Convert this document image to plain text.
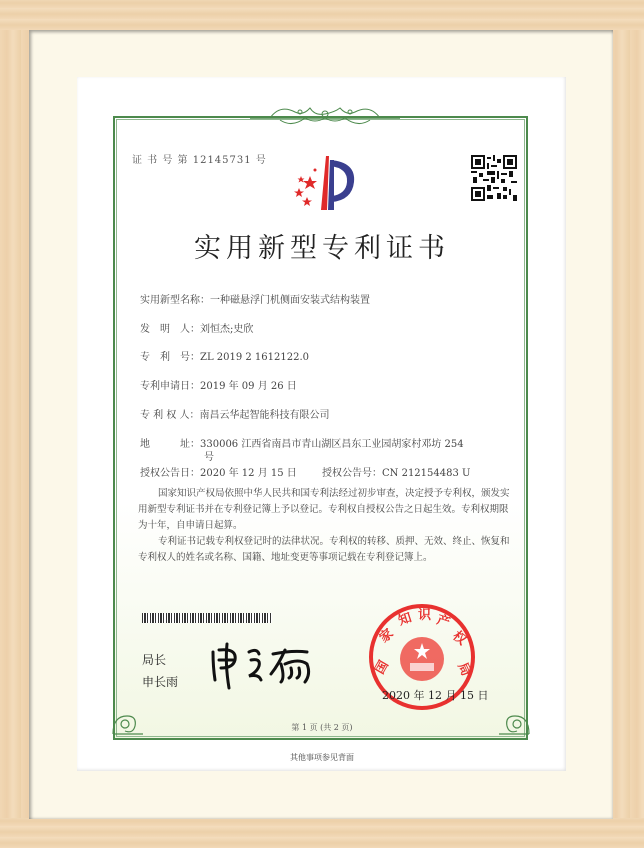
证 书 号 第 12145731 号
实用新型专利证书
实用新型名称：一种磁悬浮门机侧面安装式结构装置
发　明　人：刘恒杰;史欣
专　利　号：ZL 2019 2 1612122.0
专利申请日：2019 年 09 月 26 日
专 利 权 人：南昌云华起智能科技有限公司
地　　　址：330006 江西省南昌市青山湖区昌东工业园胡家村邓坊 254
号
授权公告日：2020 年 12 月 15 日	授权公告号：CN 212154483 U
国家知识产权局依照中华人民共和国专利法经过初步审查，决定授予专利权，颁发实用新型专利证书并在专利登记簿上予以登记。专利权自授权公告之日起生效。专利权期限为十年，自申请日起算。
专利证书记载专利权登记时的法律状况。专利权的转移、质押、无效、终止、恢复和专利权人的姓名或名称、国籍、地址变更等事项记载在专利登记簿上。
局长
申长雨
国
家
知 识 产
权
局
2020 年 12 月 15 日
第 1 页 (共 2 页)
其他事项参见背面
